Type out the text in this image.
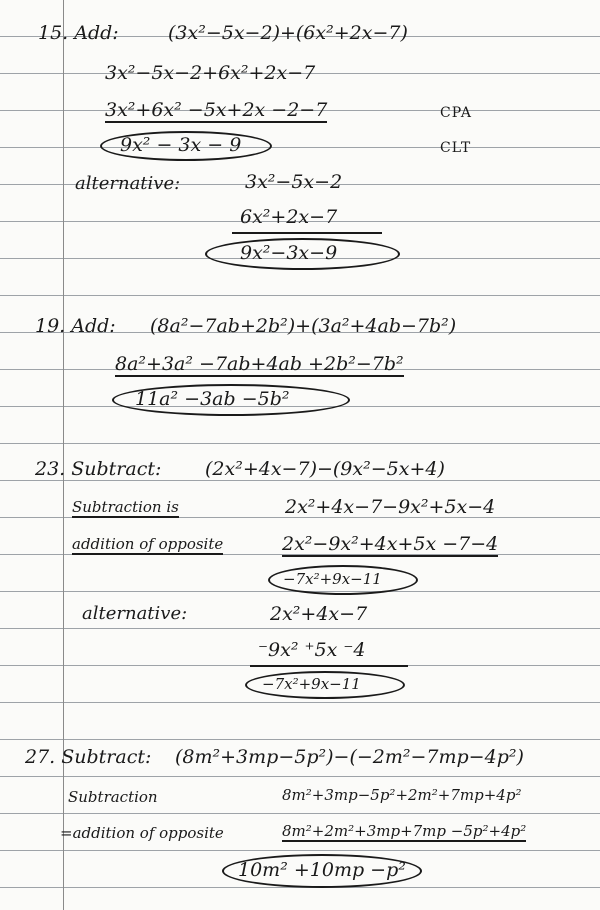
15. Add:	(3x²−5x−2)+(6x²+2x−7)
3x²−5x−2+6x²+2x−7
3x²+6x² −5x+2x −2−7	CPA
CLT
9x² − 3x − 9
alternative:	3x²−5x−2
6x²+2x−7
9x²−3x−9
19. Add: (8a²−7ab+2b²)+(3a²+4ab−7b²)
8a²+3a² −7ab+4ab +2b²−7b²
11a² −3ab −5b²
23. Subtract: (2x²+4x−7)−(9x²−5x+4)
Subtraction is
addition of opposite
2x²+4x−7−9x²+5x−4
2x²−9x²+4x+5x −7−4
−7x²+9x−11
alternative:	2x²+4x−7
⁻9x² ⁺5x ⁻4
−7x²+9x−11
27. Subtract: (8m²+3mp−5p²)−(−2m²−7mp−4p²)
Subtraction
=addition of opposite
8m²+3mp−5p²+2m²+7mp+4p²
8m²+2m²+3mp+7mp −5p²+4p²
10m² +10mp −p²
